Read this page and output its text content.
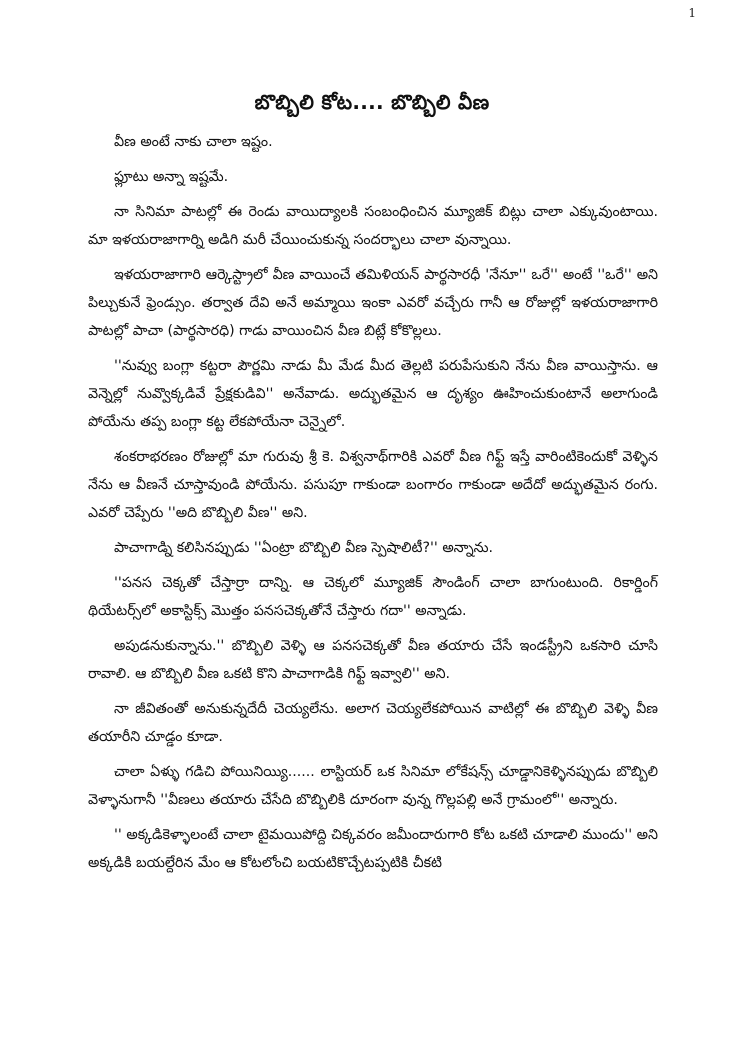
1
బొబ్బిలి కోట.... బొబ్బిలి వీణ

వీణ అంటే నాకు చాలా ఇష్టం.

ఫ్లూటు అన్నా ఇష్టమే.

నా సినిమా పాటల్లో ఈ రెండు వాయిద్యాలకి సంబంధించిన మ్యూజిక్ బిట్లు చాలా ఎక్కువుంటాయి. మా ఇళయరాజాగార్ని అడిగి మరీ చేయించుకున్న సందర్భాలు చాలా వున్నాయి.

ఇళయరాజాగారి ఆర్కెస్ట్రాలో వీణ వాయించే తమిళియన్ పార్థసారధీ 'నేనూ'' ఒరే'' అంటే ''ఒరే'' అని పిల్చుకునే ఫ్రెండ్సుం. తర్వాత దేవి అనే అమ్మాయి ఇంకా ఎవరో వచ్చేరు గానీ ఆ రోజుల్లో ఇళయరాజాగారి పాటల్లో పాచా (పార్థసారధి) గాడు వాయించిన వీణ బిట్లే కోకొల్లలు.

''నువ్వు బంగ్లా కట్టరా పౌర్ణమి నాడు మీ మేడ మీద తెల్లటి పరుపేసుకుని నేను వీణ వాయిస్తాను. ఆ వెన్నెల్లో నువ్వొక్కడివే ప్రేక్షకుడివి'' అనేవాడు. అద్భుతమైన ఆ దృశ్యం ఊహించుకుంటానే అలాగుండి పోయేను తప్ప బంగ్లా కట్ట లేకపోయేనా చెన్నైలో.

శంకరాభరణం రోజుల్లో మా గురువు శ్రీ కె. విశ్వనాథ్‌గారికి ఎవరో వీణ గిఫ్ట్ ఇస్తే వారింటికెందుకో వెళ్ళిన నేను ఆ వీణనే చూస్తావుండి పోయేను. పసుపూ గాకుండా బంగారం గాకుండా అదేదో అద్భుతమైన రంగు. ఎవరో చెప్పేరు ''అది బొబ్బిలి వీణ'' అని.

పాచాగాడ్ని కలిసినప్పుడు ''ఏంట్రా బొబ్బిలి వీణ స్పెషాలిటీ?'' అన్నాను.

''పనస చెక్కతో చేస్తార్రా దాన్ని. ఆ చెక్కలో మ్యూజిక్ సౌండింగ్ చాలా బాగుంటుంది. రికార్డింగ్ థియేటర్స్‌లో అకాస్టిక్స్ మొత్తం పనసచెక్కతోనే చేస్తారు గదా'' అన్నాడు.

అపుడనుకున్నాను.'' బొబ్బిలి వెళ్ళి ఆ పనసచెక్కతో వీణ తయారు చేసే ఇండస్ట్రీని ఒకసారి చూసి రావాలి. ఆ బొబ్బిలి వీణ ఒకటి కొని పాచాగాడికి గిఫ్ట్ ఇవ్వాలి'' అని.

నా జీవితంతో అనుకున్నదేదీ చెయ్యలేను. అలాగ చెయ్యలేకపోయిన వాటిల్లో ఈ బొబ్బిలి వెళ్ళి వీణ తయారీని చూడ్డం కూడా.

చాలా ఏళ్ళు గడిచి పోయినియ్యి...... లాస్టియర్ ఒక సినిమా లోకేషన్స్ చూడ్డానికెళ్ళినప్పుడు బొబ్బిలి వెళ్ళానుగానీ ''వీణలు తయారు చేసేది బొబ్బిలికి దూరంగా వున్న గొల్లపల్లి అనే గ్రామంలో'' అన్నారు.

'' అక్కడికెళ్ళాలంటే చాలా టైమయిపోద్ది చిక్కవరం జమీందారుగారి కోట ఒకటి చూడాలి ముందు'' అని అక్కడికి బయల్దేరిన మేం ఆ కోటలోంచి బయటికొచ్చేటప్పటికి చీకటి
